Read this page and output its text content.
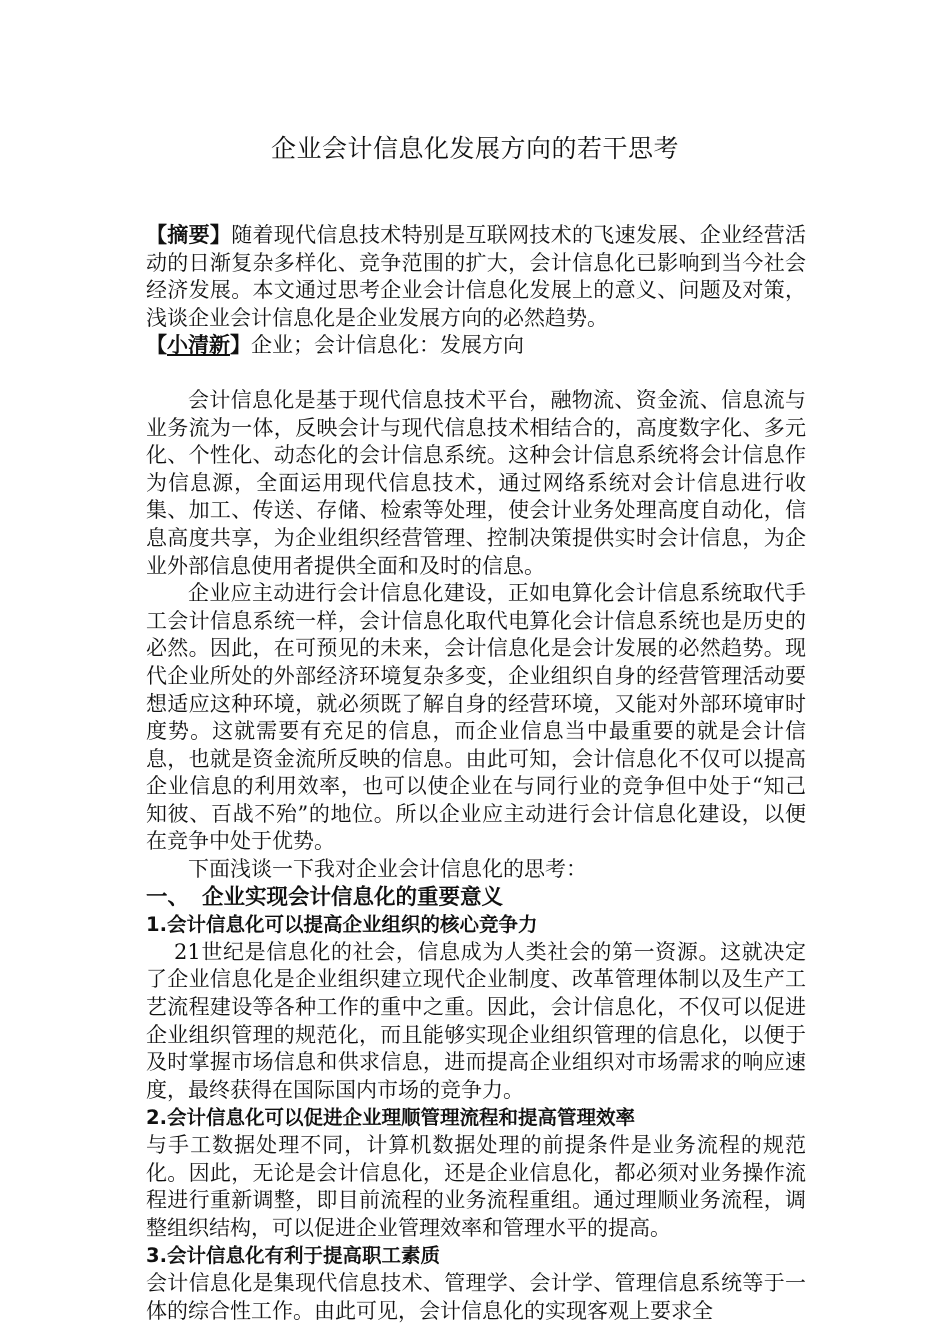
企业会计信息化发展方向的若干思考

【摘要】随着现代信息技术特别是互联网技术的飞速发展、企业经营活动的日渐复杂多样化、竞争范围的扩大，会计信息化已影响到当今社会经济发展。本文通过思考企业会计信息化发展上的意义、问题及对策，浅谈企业会计信息化是企业发展方向的必然趋势。

【小清新】企业；会计信息化：发展方向

会计信息化是基于现代信息技术平台，融物流、资金流、信息流与业务流为一体，反映会计与现代信息技术相结合的，高度数字化、多元化、个性化、动态化的会计信息系统。这种会计信息系统将会计信息作为信息源，全面运用现代信息技术，通过网络系统对会计信息进行收集、加工、传送、存储、检索等处理，使会计业务处理高度自动化，信息高度共享，为企业组织经营管理、控制决策提供实时会计信息，为企业外部信息使用者提供全面和及时的信息。

企业应主动进行会计信息化建设，正如电算化会计信息系统取代手工会计信息系统一样，会计信息化取代电算化会计信息系统也是历史的必然。因此，在可预见的未来，会计信息化是会计发展的必然趋势。现代企业所处的外部经济环境复杂多变，企业组织自身的经营管理活动要想适应这种环境，就必须既了解自身的经营环境，又能对外部环境审时度势。这就需要有充足的信息，而企业信息当中最重要的就是会计信息，也就是资金流所反映的信息。由此可知，会计信息化不仅可以提高企业信息的利用效率，也可以使企业在与同行业的竞争但中处于“知己知彼、百战不殆”的地位。所以企业应主动进行会计信息化建设，以便在竞争中处于优势。

下面浅谈一下我对企业会计信息化的思考：

一、 企业实现会计信息化的重要意义

1.会计信息化可以提高企业组织的核心竞争力

21世纪是信息化的社会，信息成为人类社会的第一资源。这就决定了企业信息化是企业组织建立现代企业制度、改革管理体制以及生产工艺流程建设等各种工作的重中之重。因此，会计信息化，不仅可以促进企业组织管理的规范化，而且能够实现企业组织管理的信息化，以便于及时掌握市场信息和供求信息，进而提高企业组织对市场需求的响应速度，最终获得在国际国内市场的竞争力。

2.会计信息化可以促进企业理顺管理流程和提高管理效率

与手工数据处理不同，计算机数据处理的前提条件是业务流程的规范化。因此，无论是会计信息化，还是企业信息化，都必须对业务操作流程进行重新调整，即目前流程的业务流程重组。通过理顺业务流程，调整组织结构，可以促进企业管理效率和管理水平的提高。

3.会计信息化有利于提高职工素质

会计信息化是集现代信息技术、管理学、会计学、管理信息系统等于一体的综合性工作。由此可见，会计信息化的实现客观上要求全
